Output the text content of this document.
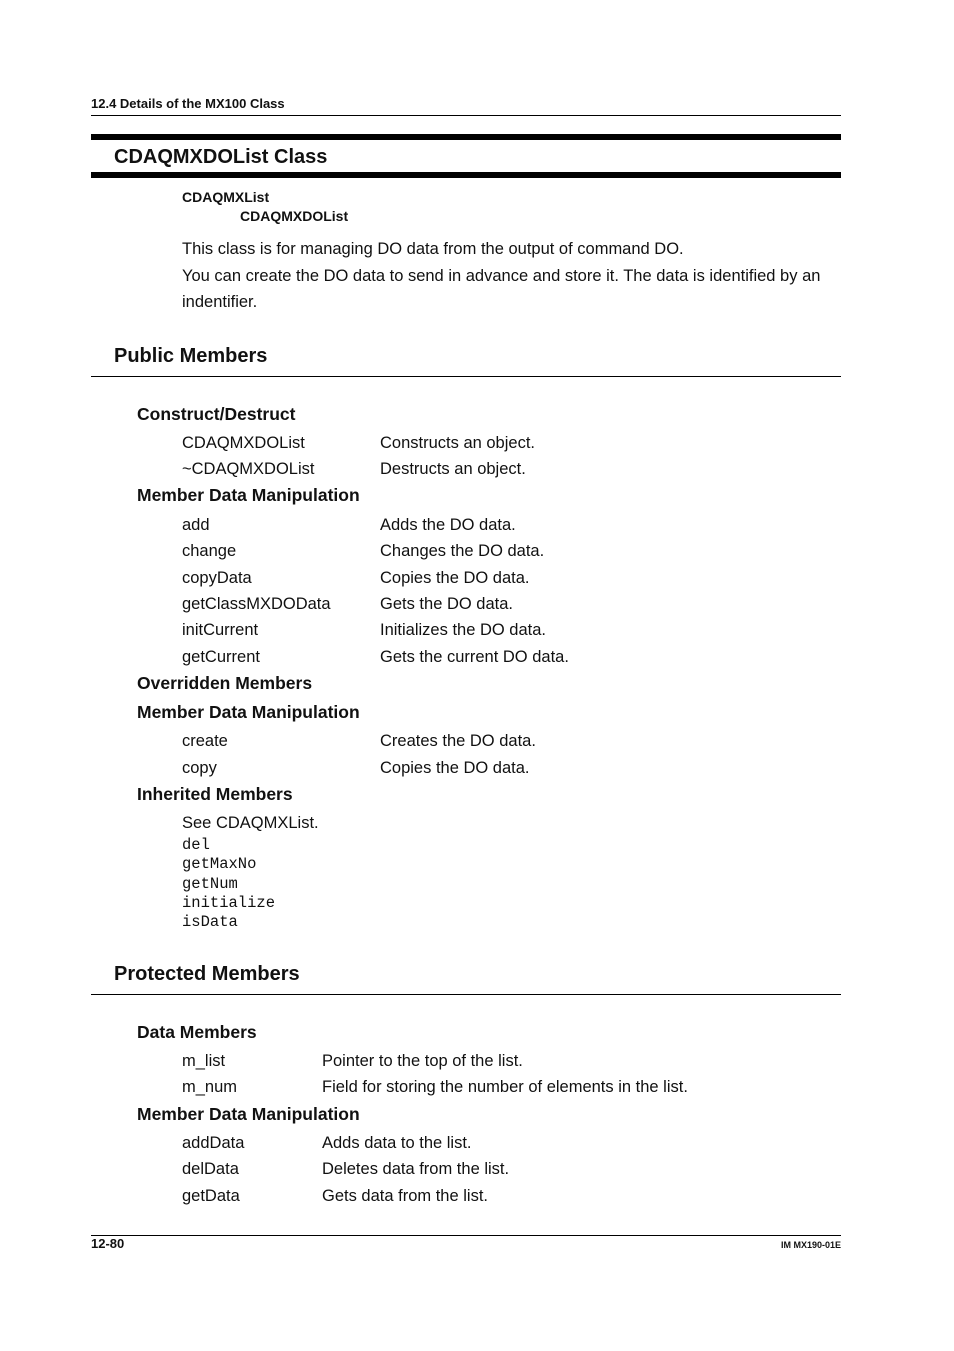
12.4 Details of the MX100 Class
CDAQMXDOList Class
CDAQMXList
CDAQMXDOList

This class is for managing DO data from the output of command DO.

You can create the DO data to send in advance and store it. The data is identified by an indentifier.

Public Members
Construct/Destruct
CDAQMXDOList	Constructs an object.
~CDAQMXDOList	Destructs an object.
Member Data Manipulation
add	Adds the DO data.
change	Changes the DO data.
copyData	Copies the DO data.
getClassMXDOData	Gets the DO data.
initCurrent	Initializes the DO data.
getCurrent	Gets the current DO data.
Overridden Members
Member Data Manipulation
create	Creates the DO data.
copy	Copies the DO data.
Inherited Members
See CDAQMXList.
del
getMaxNo
getNum
initialize
isData
Protected Members
Data Members
m_list	Pointer to the top of the list.
m_num	Field for storing the number of elements in the list.
Member Data Manipulation
addData	Adds data to the list.
delData	Deletes data from the list.
getData	Gets data from the list.
12-80	IM MX190-01E
